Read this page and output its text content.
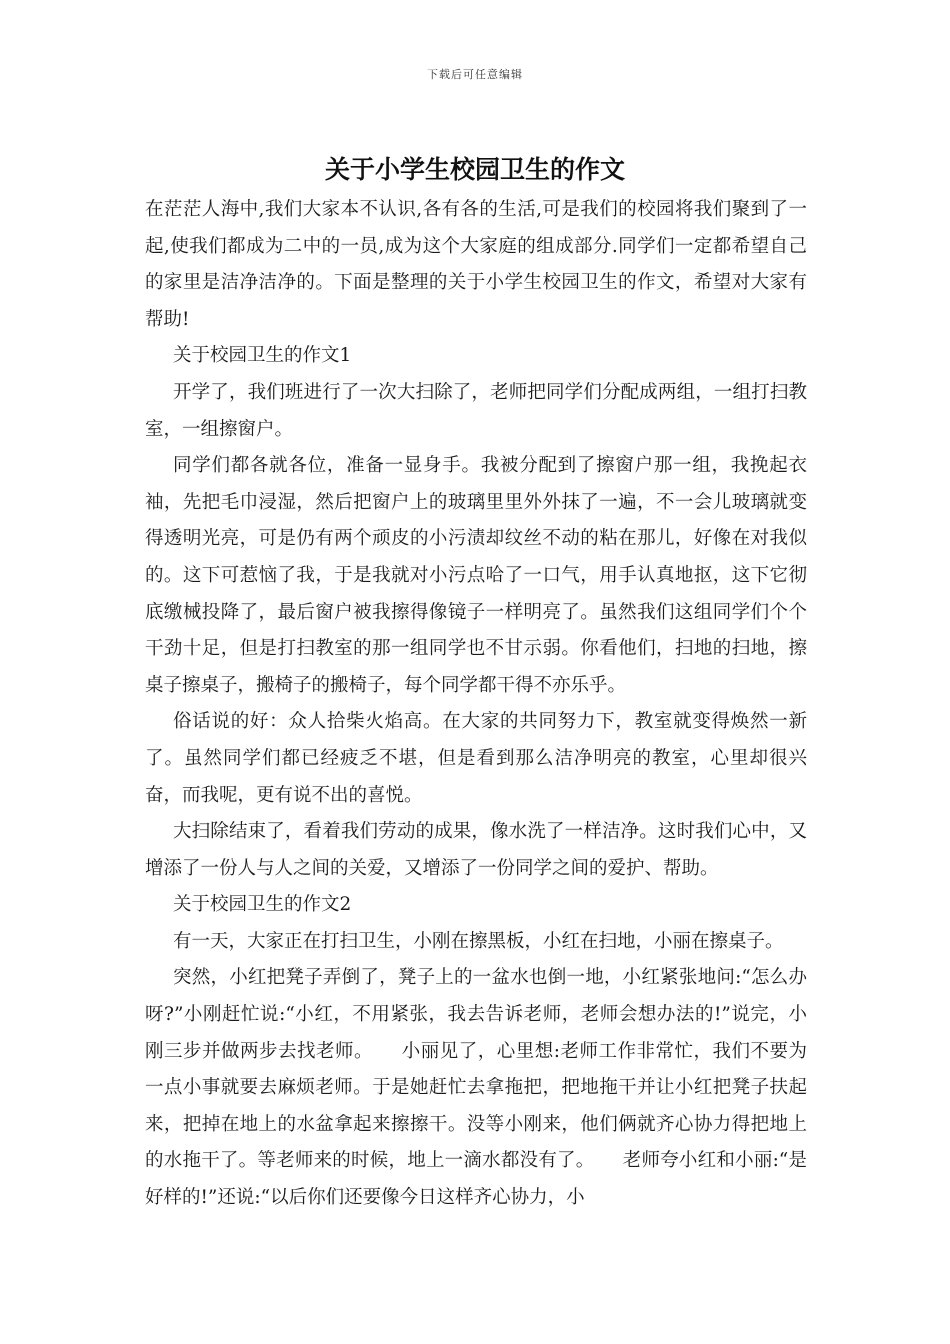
下载后可任意编辑
关于小学生校园卫生的作文

在茫茫人海中,我们大家本不认识,各有各的生活,可是我们的校园将我们聚到了一起,使我们都成为二中的一员,成为这个大家庭的组成部分.同学们一定都希望自己的家里是洁净洁净的。下面是整理的关于小学生校园卫生的作文，希望对大家有帮助!

关于校园卫生的作文1

开学了，我们班进行了一次大扫除了，老师把同学们分配成两组，一组打扫教室，一组擦窗户。

同学们都各就各位，准备一显身手。我被分配到了擦窗户那一组，我挽起衣袖，先把毛巾浸湿，然后把窗户上的玻璃里里外外抹了一遍，不一会儿玻璃就变得透明光亮，可是仍有两个顽皮的小污渍却纹丝不动的粘在那儿，好像在对我似的。这下可惹恼了我，于是我就对小污点哈了一口气，用手认真地抠，这下它彻底缴械投降了，最后窗户被我擦得像镜子一样明亮了。虽然我们这组同学们个个干劲十足，但是打扫教室的那一组同学也不甘示弱。你看他们，扫地的扫地，擦桌子擦桌子，搬椅子的搬椅子，每个同学都干得不亦乐乎。

俗话说的好：众人拾柴火焰高。在大家的共同努力下，教室就变得焕然一新了。虽然同学们都已经疲乏不堪，但是看到那么洁净明亮的教室，心里却很兴奋，而我呢，更有说不出的喜悦。

大扫除结束了，看着我们劳动的成果，像水洗了一样洁净。这时我们心中，又增添了一份人与人之间的关爱，又增添了一份同学之间的爱护、帮助。

关于校园卫生的作文2

有一天，大家正在打扫卫生，小刚在擦黑板，小红在扫地，小丽在擦桌子。

突然，小红把凳子弄倒了，凳子上的一盆水也倒一地，小红紧张地问:“怎么办呀?”小刚赶忙说:“小红，不用紧张，我去告诉老师，老师会想办法的!”说完，小刚三步并做两步去找老师。　　小丽见了，心里想:老师工作非常忙，我们不要为一点小事就要去麻烦老师。于是她赶忙去拿拖把，把地拖干并让小红把凳子扶起来，把掉在地上的水盆拿起来擦擦干。没等小刚来，他们俩就齐心协力得把地上的水拖干了。等老师来的时候，地上一滴水都没有了。　　老师夸小红和小丽:“是好样的!”还说:“以后你们还要像今日这样齐心协力，小
